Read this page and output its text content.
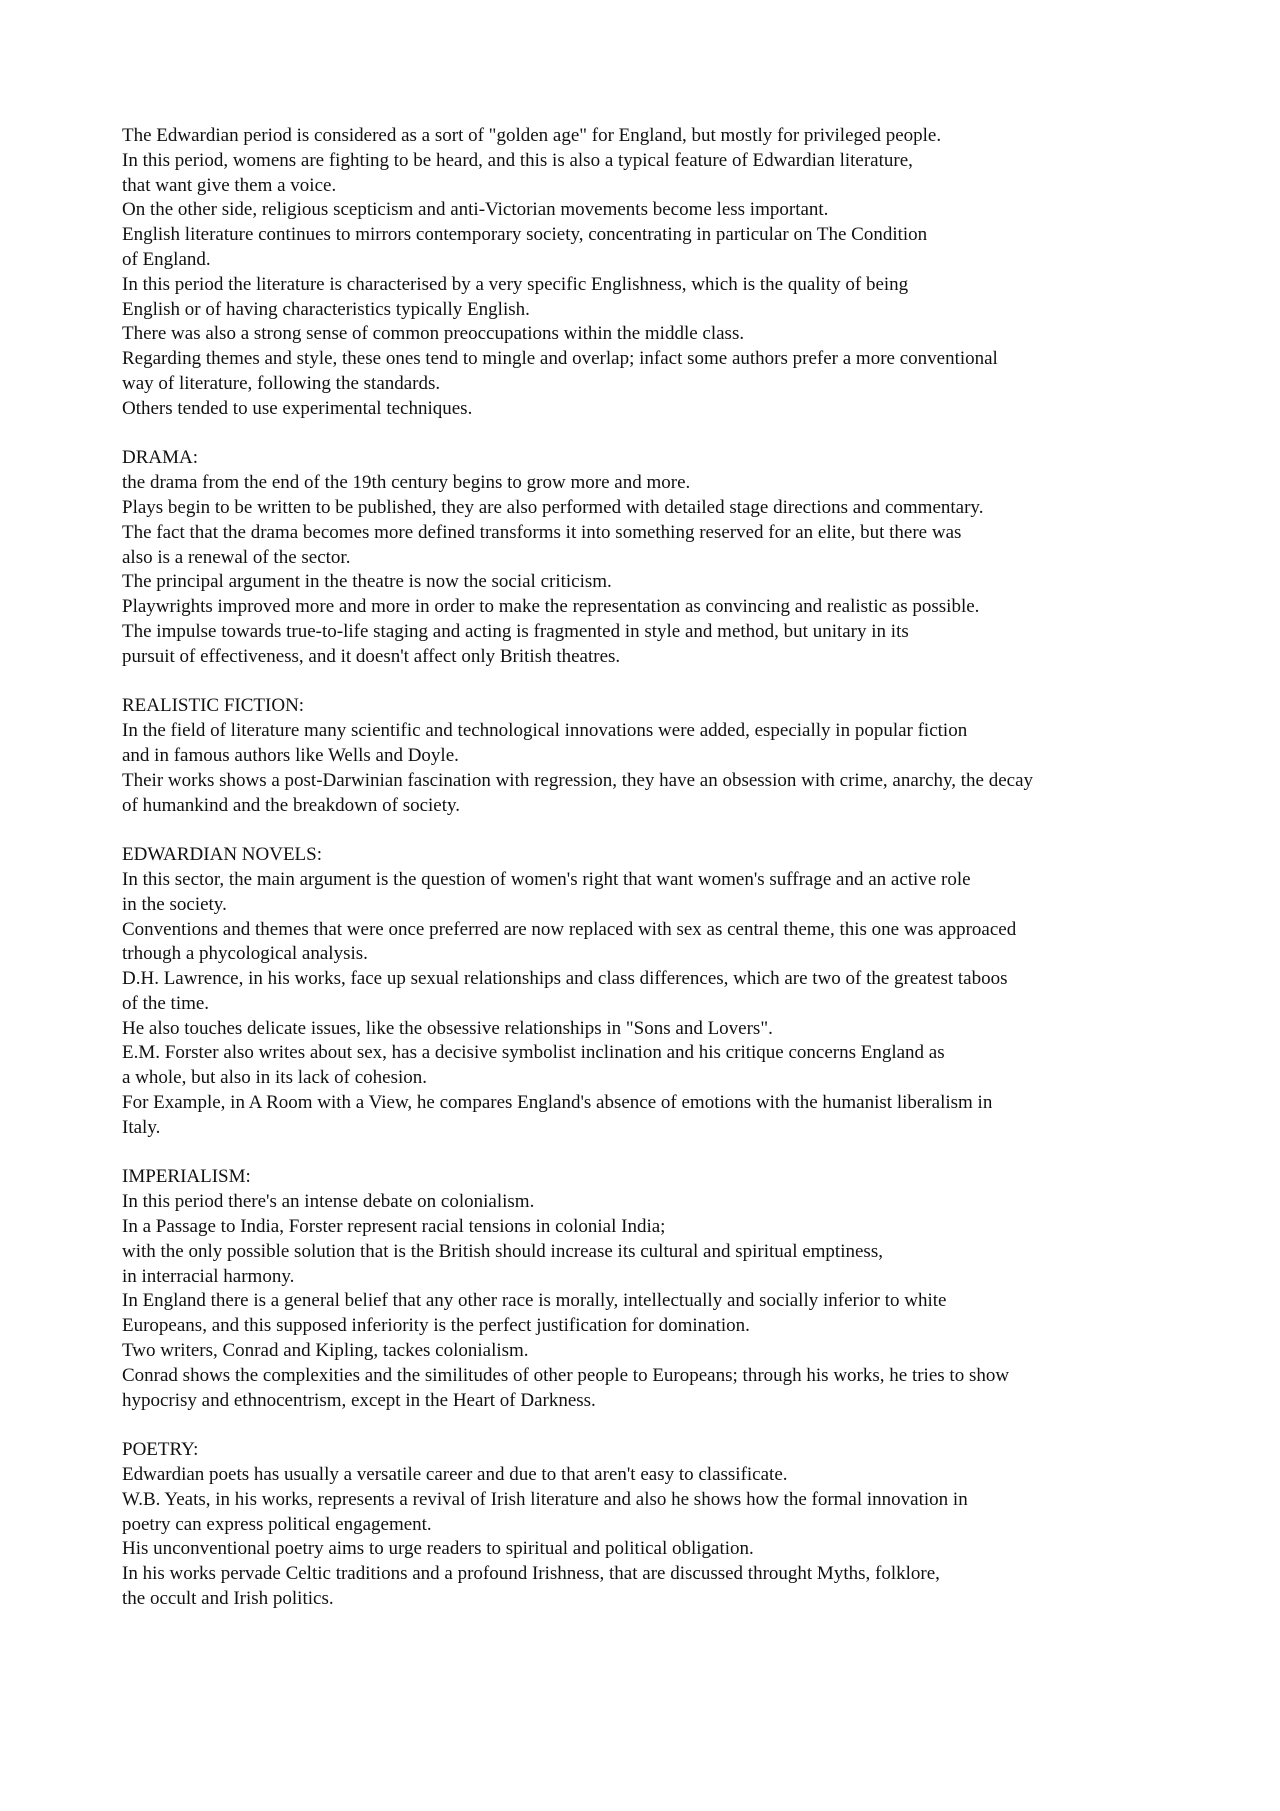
The Edwardian period is considered as a sort of "golden age" for England, but mostly for privileged people.
In this period, womens are fighting to be heard, and this is also a typical feature of Edwardian literature,
that want give them a voice.
On the other side, religious scepticism and anti-Victorian movements become less important.
English literature continues to mirrors contemporary society, concentrating in particular on The Condition
of England.
In this period the literature is characterised by a very specific Englishness, which is the quality of being
English or of having characteristics typically English.
There was also a strong sense of common preoccupations within the middle class.
Regarding themes and style, these ones tend to mingle and overlap; infact some authors prefer a more conventional
way of literature, following the standards.
Others tended to use experimental techniques.
DRAMA:
the drama from the end of the 19th century begins to grow more and more.
Plays begin to be written to be published, they are also performed with detailed stage directions and commentary.
The fact that the drama becomes more defined transforms it into something reserved for an elite, but there was
also is a renewal of the sector.
The principal argument in the theatre is now the social criticism.
Playwrights improved more and more in order to make the representation as convincing and realistic as possible.
The impulse towards true-to-life staging and acting is fragmented in style and method, but unitary in its
pursuit of effectiveness, and it doesn't affect only British theatres.
REALISTIC FICTION:
In the field of literature many scientific and technological innovations were added, especially in popular fiction
and in famous authors like Wells and Doyle.
Their works shows a post-Darwinian fascination with regression, they have an obsession with crime, anarchy, the decay
of humankind and the breakdown of society.
EDWARDIAN NOVELS:
In this sector, the main argument is the question of women's right that want women's suffrage and an active role
in the society.
Conventions and themes that were once preferred are now replaced with sex as central theme, this one was approaced
trhough a phycological analysis.
D.H. Lawrence, in his works, face up sexual relationships and class differences, which are two of the greatest taboos
of the time.
He also touches delicate issues, like the obsessive relationships in "Sons and Lovers".
E.M. Forster also writes about sex, has a decisive symbolist inclination and his critique concerns England as
a whole, but also in its lack of cohesion.
For Example, in A Room with a View, he compares England's absence of emotions with the humanist liberalism in
Italy.
IMPERIALISM:
In this period there's an intense debate on colonialism.
In a Passage to India, Forster represent racial tensions in colonial India;
with the only possible solution that is the British should increase its cultural and spiritual emptiness,
in interracial harmony.
In England there is a general belief that any other race is morally, intellectually and socially inferior to white
Europeans, and this supposed inferiority is the perfect justification for domination.
Two writers, Conrad and Kipling, tackes colonialism.
Conrad shows the complexities and the similitudes of other people to Europeans; through his works, he tries to show
hypocrisy and ethnocentrism, except in the Heart of Darkness.
POETRY:
Edwardian poets has usually a versatile career and due to that aren't easy to classificate.
W.B. Yeats, in his works, represents a revival of Irish literature and also he shows how the formal innovation in
poetry can express political engagement.
His unconventional poetry aims to urge readers to spiritual and political obligation.
In his works pervade Celtic traditions and a profound Irishness, that are discussed throught Myths, folklore,
the occult and Irish politics.
